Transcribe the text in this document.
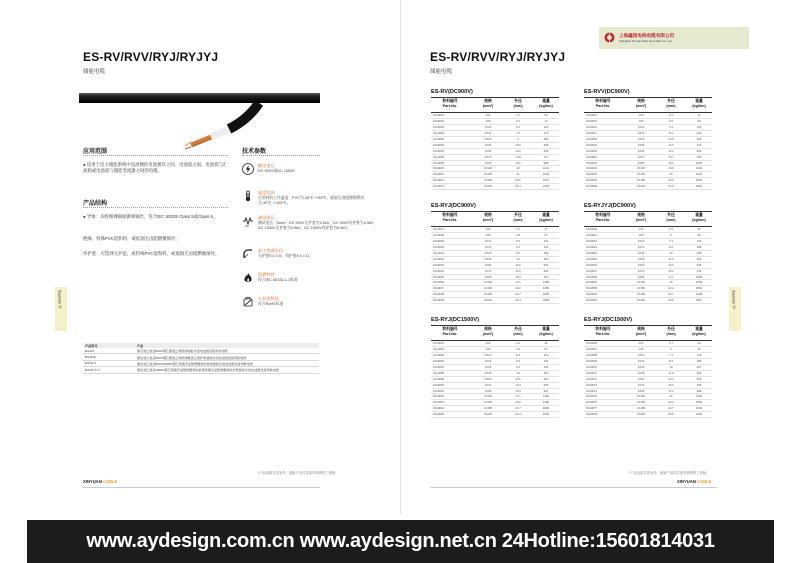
ES-RV/RVV/RYJ/RYJYJ
储能电缆
应用范围
● 适用于电力储能系统中直流侧的电池模块之间、电池簇之间、电池簇与汇流箱或电池簇与储能变流器之间的电缆。
产品结构
● 导体：多股细裸铜或镀锡铜丝，符合IEC 60228 Class 5或Class 6。
绝缘：特殊PVC混和料，或低烟无卤阻燃聚烯烃。
外护套：可选择无护套，或特殊PVC混和料，或低烟无卤阻燃聚烯烃。
技术参数
额定电压
DC 900V或DC 1500V
温度范围
应用时的工作温度：PVC为-25℃~+90℃，低烟无卤阻燃聚烯烃为-40℃~+125℃。
kV
测试电压
测试电压（5min）DC 900V无护套为3.5kV，DC 900V有护套为4.5kV，DC 1500V无护套为4.5kV，DC 1500V有护套为6.5kV。
最小弯曲半径
无护套5.0 x D，有护套6.0 x D。
阻燃特性
符合IEC 60332-1-2标准
无有害物质
符合RoHS标准
储能电缆 31
产品型号	产品
ES-RV	额定电压直流900V铜芯聚氯乙烯绝缘储能系统电池组连接用软电缆
ES-RVV	额定电压直流900V铜芯聚氯乙烯绝缘聚氯乙烯护套储能系统电池组连接用软电缆
ES-RYJ	额定电压直流900V/1500V铜芯低烟无卤阻燃聚烯烃绝缘储能系统电池组连接用软电缆
ES-RYJYJ	额定电压直流1500V铜芯低烟无卤阻燃聚烯烃绝缘低烟无卤阻燃聚烯烃护套储能系统电池组连接用软电缆
*产品参数仅供参考，最新产品信息请咨询销售工程师。
XINYUAN CABLE
ES-RV/RVV/RYJ/RYJYJ
储能电缆
储能电缆 34
*产品参数仅供参考，最新产品信息请咨询销售工程师。
XINYUAN CABLE
上海鑫园电线电缆有限公司
Shanghai Xinyuan Wire and Cable Co.,Ltd.
ES-RV(DC900V)
物料编号
Part-No.
规格
(mm²)
外径
(mm)
重量
(kg/km)
F010001	1X4	4.7	54
F010002	1X6	5.2	74
F010003	1X10	6.5	121
F010004	1X16	7.5	175
F010005	1X25	9	269
F010006	1X35	10.6	369
F010007	1X50	12.2	525
F010008	1X70	13.9	717
F010009	1X95	16.2	988
F010010	1X120	18	1221
F010011	1X150	21	1526
F010012	1X185	22.5	1874
F010013	1X240	25.4	2425
ES-RVV(DC900V)
物料编号
Part-No.
规格
(mm²)
外径
(mm)
重量
(kg/km)
F010014	1X4	6.1	72
F010015	1X6	6.6	94
F010016	1X10	7.9	146
F010017	1X16	8.9	202
F010018	1X25	10.5	305
F010019	1X35	12.3	413
F010020	1X50	14.1	581
F010021	1X70	15.7	780
F010022	1X95	18.1	1066
F010023	1X120	19.9	1302
F010024	1X150	23	1632
F010025	1X185	24.5	1983
F010026	1X240	27.6	2561
ES-RYJ(DC900V)
物料编号
Part-No.
规格
(mm²)
外径
(mm)
重量
(kg/km)
F010027	1X4	4.7	47
F010028	1X6	4.8	67
F010029	1X10	5.9	113
F010030	1X16	6.9	164
F010031	1X25	8.4	255
F010032	1X35	10	353
F010033	1X50	11.5	501
F010034	1X70	13.2	695
F010035	1X95	15.3	937
F010036	1X120	17.1	1184
F010037	1X150	20.2	1485
F010038	1X185	21.7	1828
F010039	1X240	24.4	2359
ES-RYJYJ(DC900V)
物料编号
Part-No.
规格
(mm²)
外径
(mm)
重量
(kg/km)
F010040	1X4	5.5	62
F010041	1X6	6	83
F010042	1X10	7.3	134
F010043	1X16	8.2	188
F010044	1X25	10	288
F010045	1X35	11.6	392
F010046	1X50	13.1	545
F010047	1X70	15.1	754
F010048	1X95	17.1	1008
F010049	1X120	19	1259
F010050	1X150	22.2	1581
F010051	1X185	23.7	1938
F010052	1X240	26.6	2497
ES-RYJ(DC1500V)
物料编号
Part-No.
规格
(mm²)
外径
(mm)
重量
(kg/km)
F010053	1X4	4.3	49
F010054	1X6	4.8	67
F010055	1X10	5.9	113
F010056	1X16	6.9	164
F010057	1X25	8.4	255
F010058	1X35	10	352
F010059	1X50	11.5	501
F010060	1X70	13.3	695
F010061	1X95	15.3	927
F010062	1X120	17.1	1184
F010063	1X150	20.2	1485
F010064	1X185	21.7	1828
F010065	1X240	24.4	2359
ES-RYJ(DC1500V)
物料编号
Part-No.
规格
(mm²)
外径
(mm)
重量
(kg/km)
F010066	1X4	5.7	63
F010067	1X6	6	84
F010068	1X10	7.3	133
F010069	1X16	8.3	188
F010070	1X25	10	287
F010071	1X35	11.8	394
F010072	1X50	13.3	546
F010073	1X70	15.1	756
F010074	1X95	17.1	998
F010075	1X120	19	1262
F010076	1X150	22.2	1584
F010077	1X185	23.7	1939
F010078	1X240	26.6	2492
www.aydesign.com.cn www.aydesign.net.cn 24Hotline:15601814031
